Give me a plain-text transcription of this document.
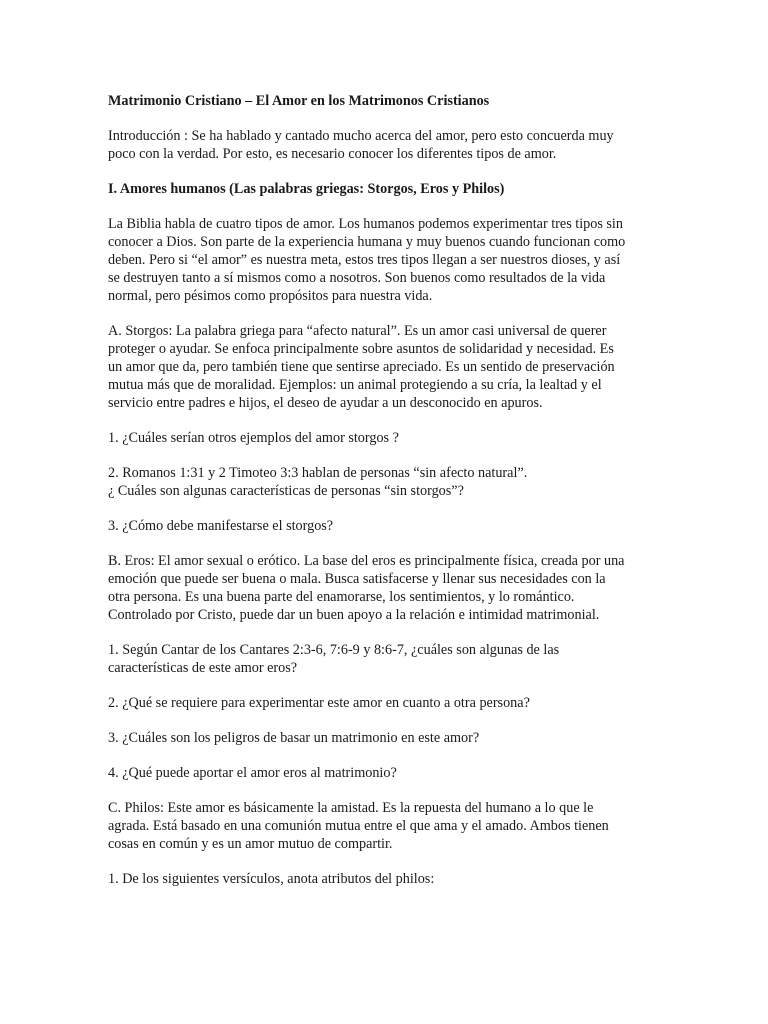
Matrimonio Cristiano – El Amor en los Matrimonos Cristianos

Introducción : Se ha hablado y cantado mucho acerca del amor, pero esto concuerda muy
poco con la verdad. Por esto, es necesario conocer los diferentes tipos de amor.

I. Amores humanos (Las palabras griegas: Storgos, Eros y Philos)

La Biblia habla de cuatro tipos de amor. Los humanos podemos experimentar tres tipos sin
conocer a Dios. Son parte de la experiencia humana y muy buenos cuando funcionan como
deben. Pero si “el amor” es nuestra meta, estos tres tipos llegan a ser nuestros dioses, y así
se destruyen tanto a sí mismos como a nosotros. Son buenos como resultados de la vida
normal, pero pésimos como propósitos para nuestra vida.

A. Storgos: La palabra griega para “afecto natural”. Es un amor casi universal de querer
proteger o ayudar. Se enfoca principalmente sobre asuntos de solidaridad y necesidad. Es
un amor que da, pero también tiene que sentirse apreciado. Es un sentido de preservación
mutua más que de moralidad. Ejemplos: un animal protegiendo a su cría, la lealtad y el
servicio entre padres e hijos, el deseo de ayudar a un desconocido en apuros.

1. ¿Cuáles serían otros ejemplos del amor storgos ?

2. Romanos 1:31 y 2 Timoteo 3:3 hablan de personas “sin afecto natural”.
¿ Cuáles son algunas características de personas “sin storgos”?

3. ¿Cómo debe manifestarse el storgos?

B. Eros: El amor sexual o erótico. La base del eros es principalmente física, creada por una
emoción que puede ser buena o mala. Busca satisfacerse y llenar sus necesidades con la
otra persona. Es una buena parte del enamorarse, los sentimientos, y lo romántico.
Controlado por Cristo, puede dar un buen apoyo a la relación e intimidad matrimonial.

1. Según Cantar de los Cantares 2:3-6, 7:6-9 y 8:6-7, ¿cuáles son algunas de las
características de este amor eros?

2. ¿Qué se requiere para experimentar este amor en cuanto a otra persona?

3. ¿Cuáles son los peligros de basar un matrimonio en este amor?

4. ¿Qué puede aportar el amor eros al matrimonio?

C. Philos: Este amor es básicamente la amistad. Es la repuesta del humano a lo que le
agrada. Está basado en una comunión mutua entre el que ama y el amado. Ambos tienen
cosas en común y es un amor mutuo de compartir.

1. De los siguientes versículos, anota atributos del philos:
